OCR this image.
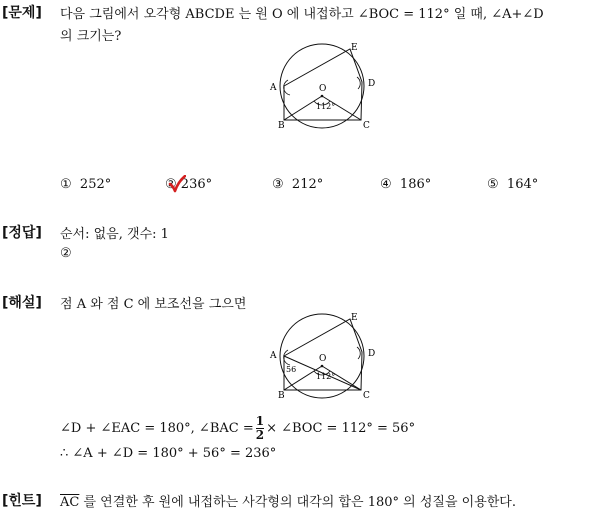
[문제] 다음 그림에서 오각형 ABCDE 는 원 O 에 내접하고 ∠BOC = 112° 일 때, ∠A+∠D
의 크기는?
A
B	C
D
E
O
112°
① 252°	② 236°	③ 212°	④ 186°	⑤ 164°
[정답] 순서: 없음, 갯수: 1
②
[해설] 점 A 와 점 C 에 보조선을 그으면
A
B	C
D
E
O
112°
56
∠D + ∠EAC = 180°, ∠BAC = $\frac{1}{2}$ × ∠BOC = 112° = 56°
∴ ∠A + ∠D = 180° + 56° = 236°
[힌트] $\overline{AC}$ 를 연결한 후 원에 내접하는 사각형의 대각의 합은 180° 의 성질을 이용한다.
